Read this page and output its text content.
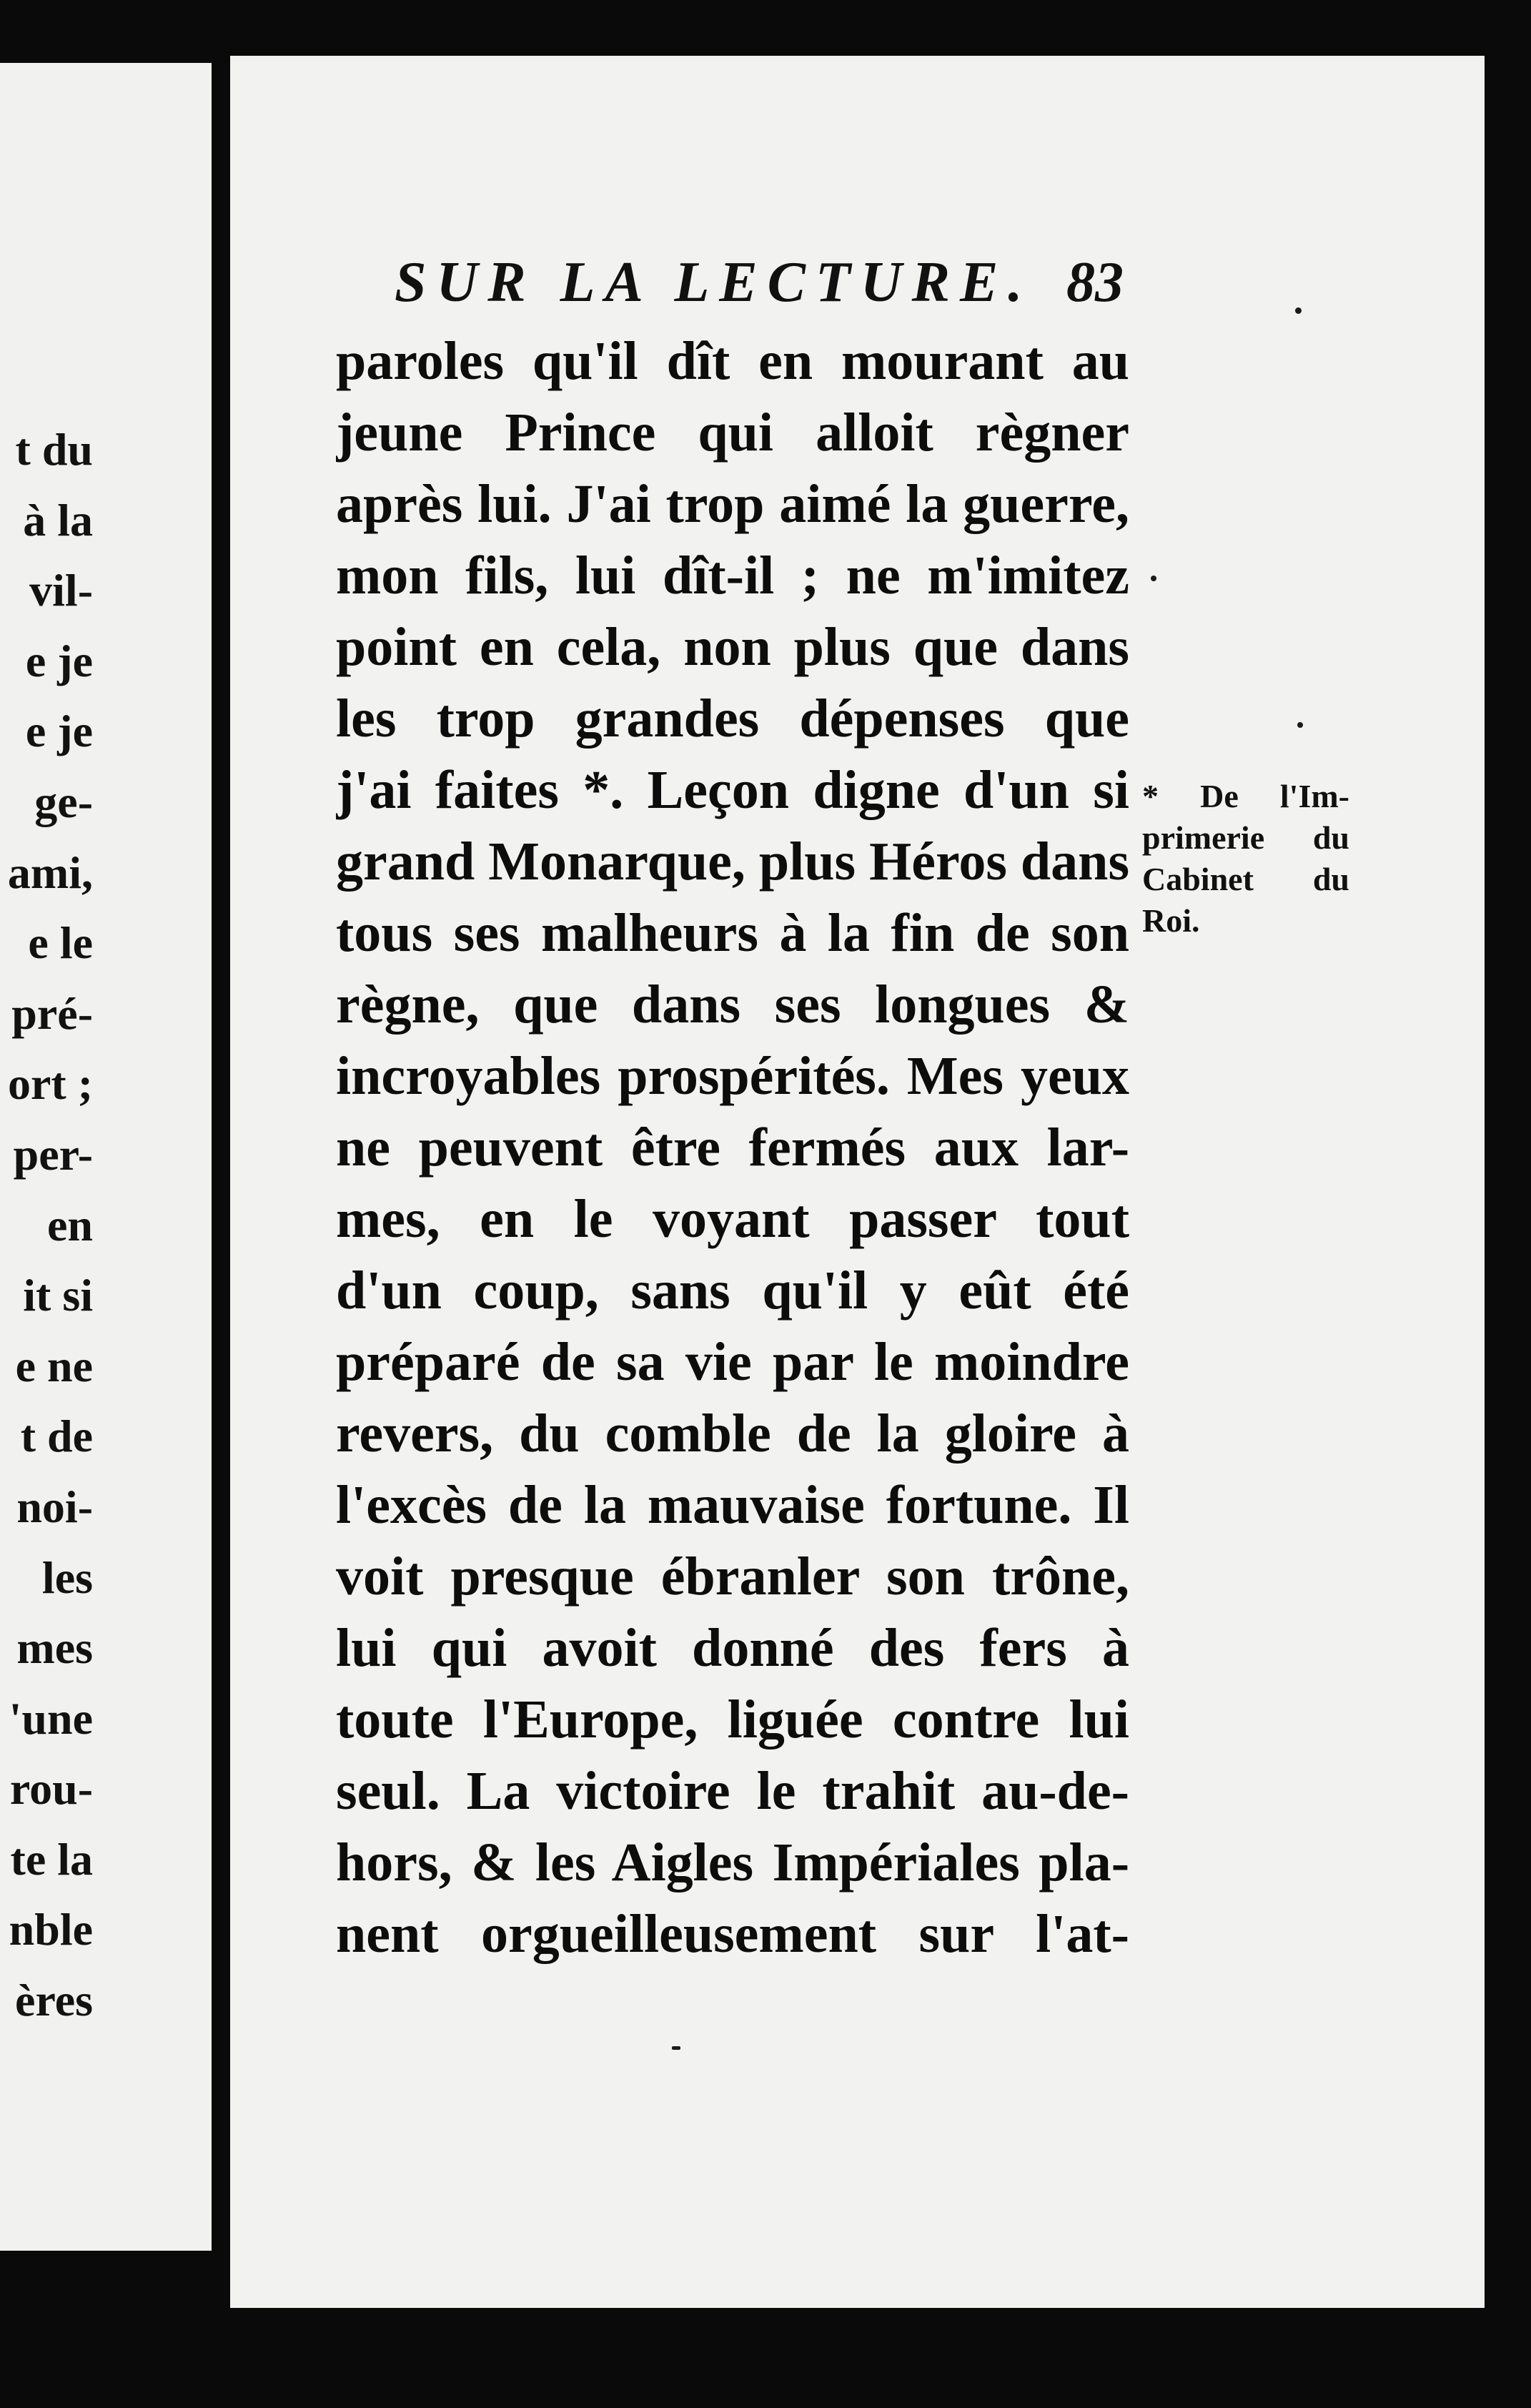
t du
à la
vil-
e je
e je
ge-
ami,
e le
pré-
ort ;
per-
en
it si
e ne
t de
noi-
les
mes
'une
rou-
te la
nble
ères
SUR LA LECTURE. 83
paroles qu'il dît en mourant au
jeune Prince qui alloit règner
après lui. J'ai trop aimé la guerre,
mon fils, lui dît-il ; ne m'imitez
point en cela, non plus que dans
les trop grandes dépenses que
j'ai faites *. Leçon digne d'un si
grand Monarque, plus Héros dans
tous ses malheurs à la fin de son
règne, que dans ses longues &
incroyables prospérités. Mes yeux
ne peuvent être fermés aux lar-
mes, en le voyant passer tout
d'un coup, sans qu'il y eût été
préparé de sa vie par le moindre
revers, du comble de la gloire à
l'excès de la mauvaise fortune. Il
voit presque ébranler son trône,
lui qui avoit donné des fers à
toute l'Europe, liguée contre lui
seul. La victoire le trahit au-de-
hors, & les Aigles Impériales pla-
nent orgueilleusement sur l'at-
* De l'Im-
primerie du
Cabinet du
Roi.
